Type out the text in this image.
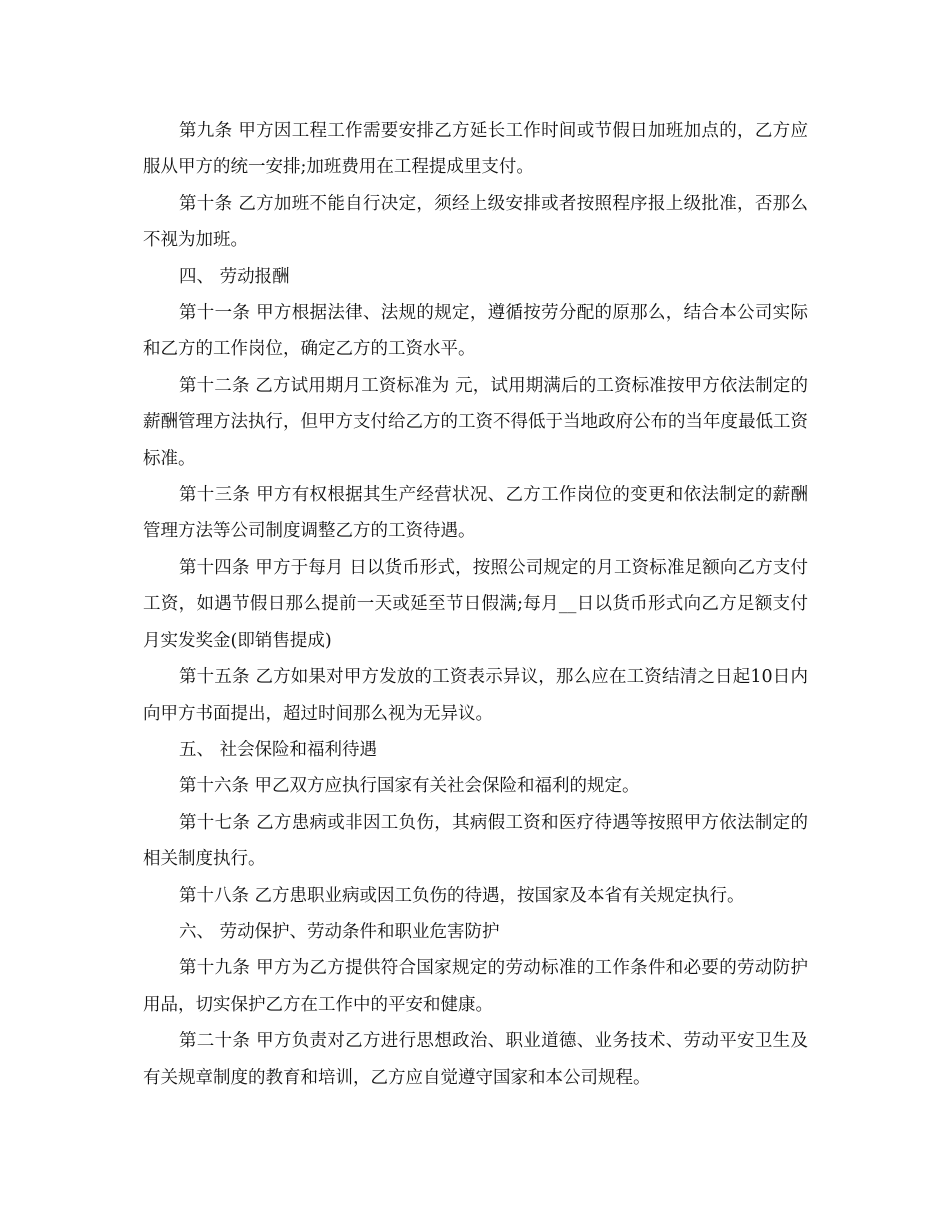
第九条 甲方因工程工作需要安排乙方延长工作时间或节假日加班加点的，乙方应服从甲方的统一安排;加班费用在工程提成里支付。

第十条 乙方加班不能自行决定，须经上级安排或者按照程序报上级批准，否那么不视为加班。

四、 劳动报酬

第十一条 甲方根据法律、法规的规定，遵循按劳分配的原那么，结合本公司实际和乙方的工作岗位，确定乙方的工资水平。

第十二条 乙方试用期月工资标准为 元，试用期满后的工资标准按甲方依法制定的薪酬管理方法执行，但甲方支付给乙方的工资不得低于当地政府公布的当年度最低工资标准。

第十三条 甲方有权根据其生产经营状况、乙方工作岗位的变更和依法制定的薪酬管理方法等公司制度调整乙方的工资待遇。

第十四条 甲方于每月 日以货币形式，按照公司规定的月工资标准足额向乙方支付工资，如遇节假日那么提前一天或延至节日假满;每月__日以货币形式向乙方足额支付月实发奖金(即销售提成)

第十五条 乙方如果对甲方发放的工资表示异议，那么应在工资结清之日起10日内向甲方书面提出，超过时间那么视为无异议。

五、 社会保险和福利待遇

第十六条 甲乙双方应执行国家有关社会保险和福利的规定。

第十七条 乙方患病或非因工负伤，其病假工资和医疗待遇等按照甲方依法制定的相关制度执行。

第十八条 乙方患职业病或因工负伤的待遇，按国家及本省有关规定执行。

六、 劳动保护、劳动条件和职业危害防护

第十九条 甲方为乙方提供符合国家规定的劳动标准的工作条件和必要的劳动防护用品，切实保护乙方在工作中的平安和健康。

第二十条 甲方负责对乙方进行思想政治、职业道德、业务技术、劳动平安卫生及有关规章制度的教育和培训，乙方应自觉遵守国家和本公司规程。
